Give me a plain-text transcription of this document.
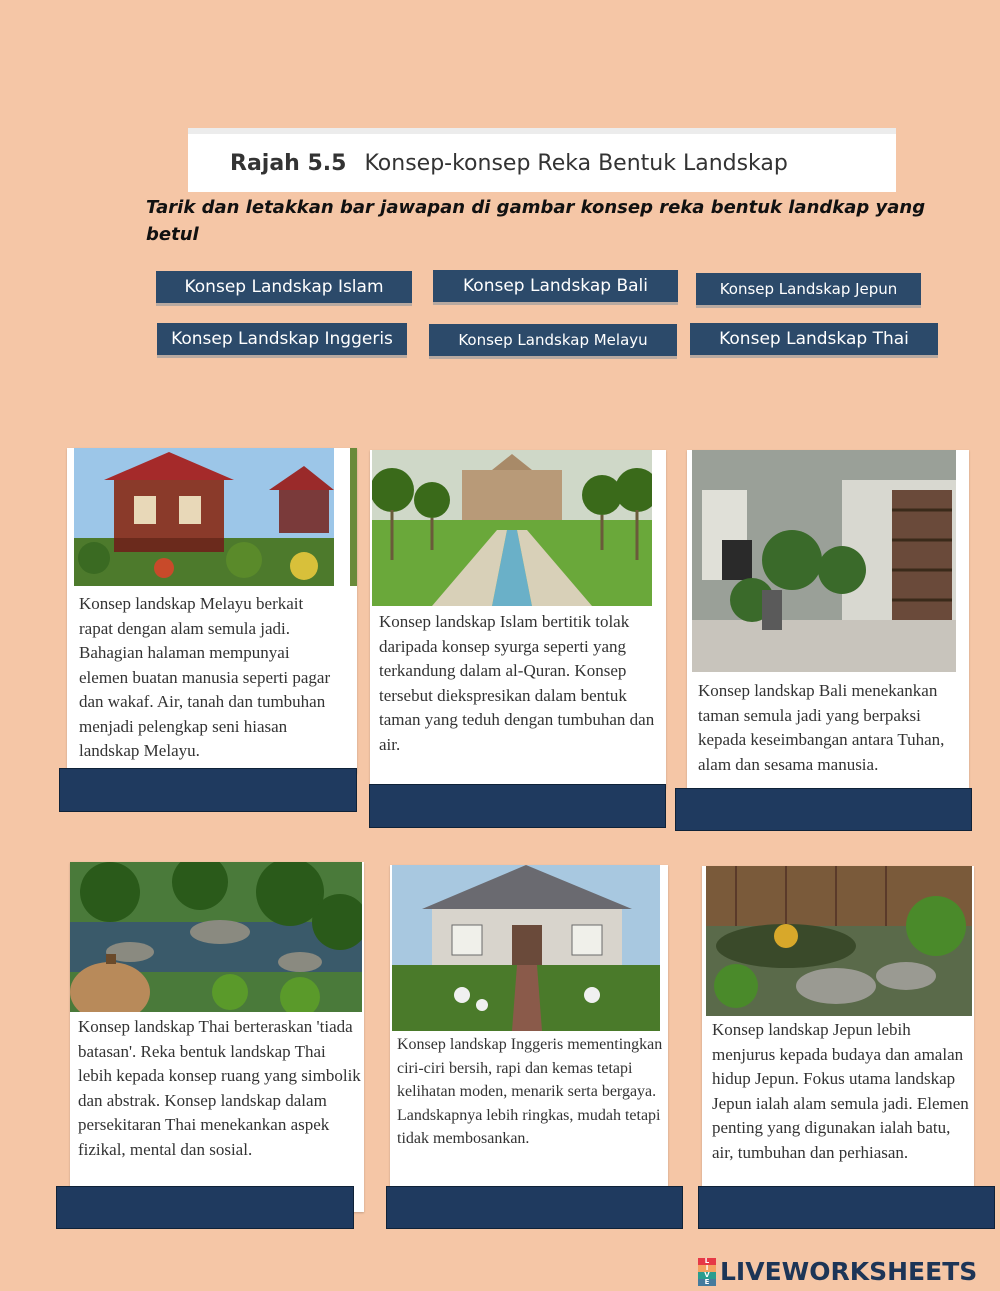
Rajah 5.5 Konsep-konsep Reka Bentuk Landskap
Tarik dan letakkan bar jawapan di gambar konsep reka bentuk landkap yang betul
Konsep Landskap Islam	Konsep Landskap Bali	Konsep Landskap Jepun
Konsep Landskap Inggeris	Konsep Landskap Melayu	Konsep Landskap Thai
Konsep landskap Melayu berkait rapat dengan alam semula jadi. Bahagian halaman mempunyai elemen buatan manusia seperti pagar dan wakaf. Air, tanah dan tumbuhan menjadi pelengkap seni hiasan landskap Melayu.
Konsep landskap Islam bertitik tolak daripada konsep syurga seperti yang terkandung dalam al-Quran. Konsep tersebut diekspresikan dalam bentuk taman yang teduh dengan tumbuhan dan air.
Konsep landskap Bali menekankan taman semula jadi yang berpaksi kepada keseimbangan antara Tuhan, alam dan sesama manusia.
Konsep landskap Thai berteraskan 'tiada batasan'. Reka bentuk landskap Thai lebih kepada konsep ruang yang simbolik dan abstrak. Konsep landskap dalam persekitaran Thai menekankan aspek fizikal, mental dan sosial.
Konsep landskap Inggeris mementingkan ciri-ciri bersih, rapi dan kemas tetapi kelihatan moden, menarik serta bergaya. Landskapnya lebih ringkas, mudah tetapi tidak membosankan.
Konsep landskap Jepun lebih menjurus kepada budaya dan amalan hidup Jepun. Fokus utama landskap Jepun ialah alam semula jadi. Elemen penting yang digunakan ialah batu, air, tumbuhan dan perhiasan.
L
I
V
E LIVEWORKSHEETS
